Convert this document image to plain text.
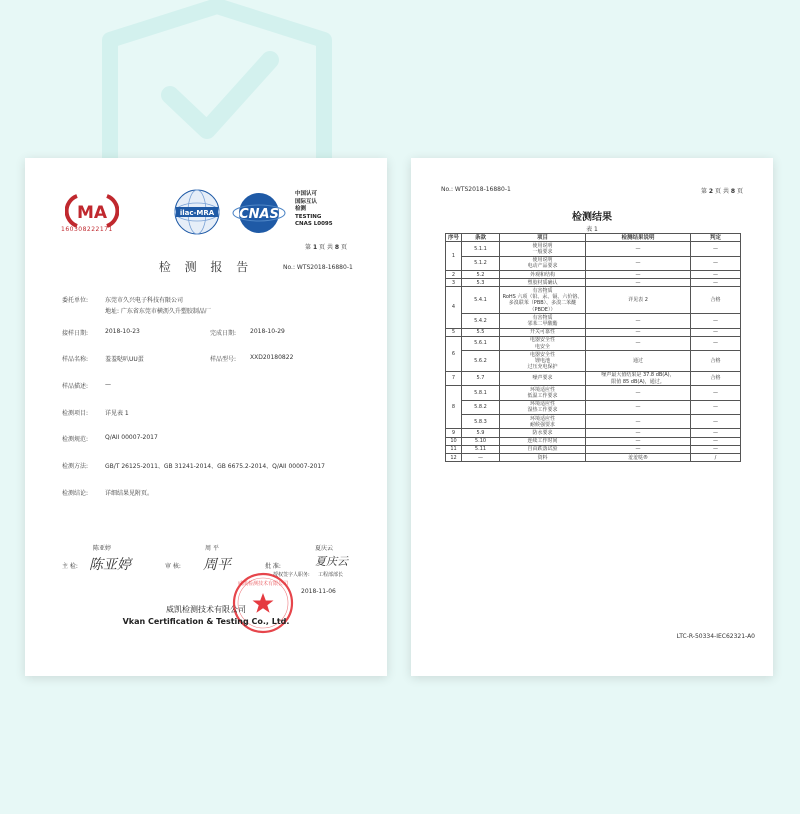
MA
160308222171
ilac-MRA CNAS
中国认可
国际互认
检测
TESTING
CNAS L0095
第 1 页 共 8 页
检 测 报 告	No.: WTS2018-16880-1
委托单位:	东莞市久兴电子科技有限公司
地址: 广东省东莞市横沥久升塑胶制品厂
接样日期:	2018-10-23	完成日期: 2018-10-29
样品名称:	羞羞哒叭UU蛋	样品型号: XXD20180822
样品描述:	—
检测项目:	详见表 1
检测规范:	Q/AII 00007-2017
检测方法:	GB/T 26125-2011、GB 31241-2014、GB 6675.2-2014、Q/AII 00007-2017
检测结论:	详细结果见附页。
陈亚婷
主 检: 陈亚婷
周 平
审 核: 周平
夏庆云
批 准:	夏庆云
授权签字人职务: 工程部部长
威凯检测技术有限公司
2018-11-06
威凯检测技术有限公司
Vkan Certification & Testing Co., Ltd.
No.: WTS2018-16880-1	第 2 页 共 8 页
检测结果
表 1
序号	条款	项目	检测结果说明	判定
1	5.1.1	使用说明
一般要求	—	—
	5.1.2	使用说明
电动产品要求	—	—
2	5.2	外观和结构	—	—
3	5.3	塑胶材质确认	—	—
4	5.4.1	有害物质
RoHS 六项（铅、汞、镉、六价铬、多溴联苯（PBB）、多溴二苯醚（PBDE））	详见表 2	合格
	5.4.2	有害物质
邻苯二甲酸酯	—	—
5	5.5	开关可靠性	—	—
6	5.6.1	电器安全性
电安全	—	—
	5.6.2	电器安全性
锂电池
过压充电保护	通过	合格
7	5.7	噪声要求	噪声最大值结果是 37.8 dB(A)，
限值 85 dB(A)，通过。	合格
8	5.8.1	环境适应性
低温工作要求	—	—
	5.8.2	环境适应性
湿热工作要求	—	—
	5.8.3	环境适应性
耐候强要求	—	—
9	5.9	防水要求	—	—
10	5.10	连续工作时间	—	—
11	5.11	自由跌落试验	—	—
12	—	资料	羞羞哒®	/
LTC-R-50334-IEC62321-A0
